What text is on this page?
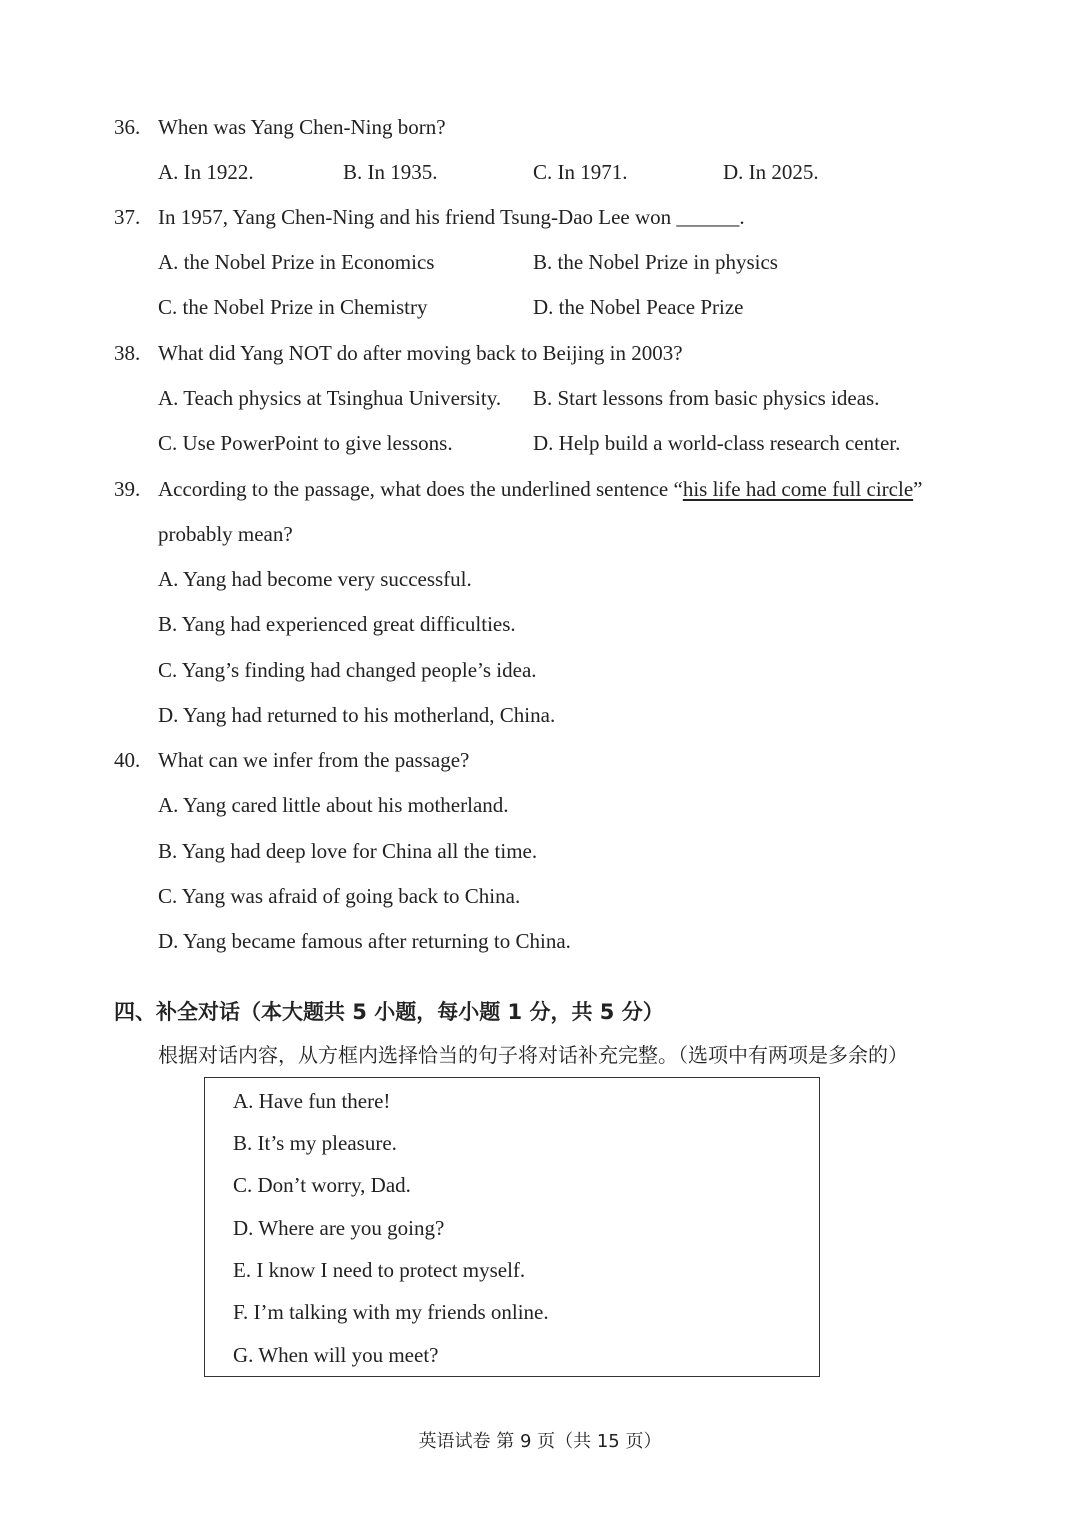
36. When was Yang Chen-Ning born?
A. In 1922.	B. In 1935.	C. In 1971.	D. In 2025.
37. In 1957, Yang Chen-Ning and his friend Tsung-Dao Lee won ______.
A. the Nobel Prize in Economics	B. the Nobel Prize in physics
C. the Nobel Prize in Chemistry	D. the Nobel Peace Prize
38. What did Yang NOT do after moving back to Beijing in 2003?
A. Teach physics at Tsinghua University. B. Start lessons from basic physics ideas.
C. Use PowerPoint to give lessons.	D. Help build a world-class research center.
39. According to the passage, what does the underlined sentence “his life had come full circle”
probably mean?
A. Yang had become very successful.
B. Yang had experienced great difficulties.
C. Yang’s finding had changed people’s idea.
D. Yang had returned to his motherland, China.
40. What can we infer from the passage?
A. Yang cared little about his motherland.
B. Yang had deep love for China all the time.
C. Yang was afraid of going back to China.
D. Yang became famous after returning to China.
四、补全对话（本大题共 5 小题，每小题 1 分，共 5 分）
根据对话内容，从方框内选择恰当的句子将对话补充完整。（选项中有两项是多余的）
A. Have fun there!
B. It’s my pleasure.
C. Don’t worry, Dad.
D. Where are you going?
E. I know I need to protect myself.
F. I’m talking with my friends online.
G. When will you meet?
英语试卷 第 9 页（共 15 页）
